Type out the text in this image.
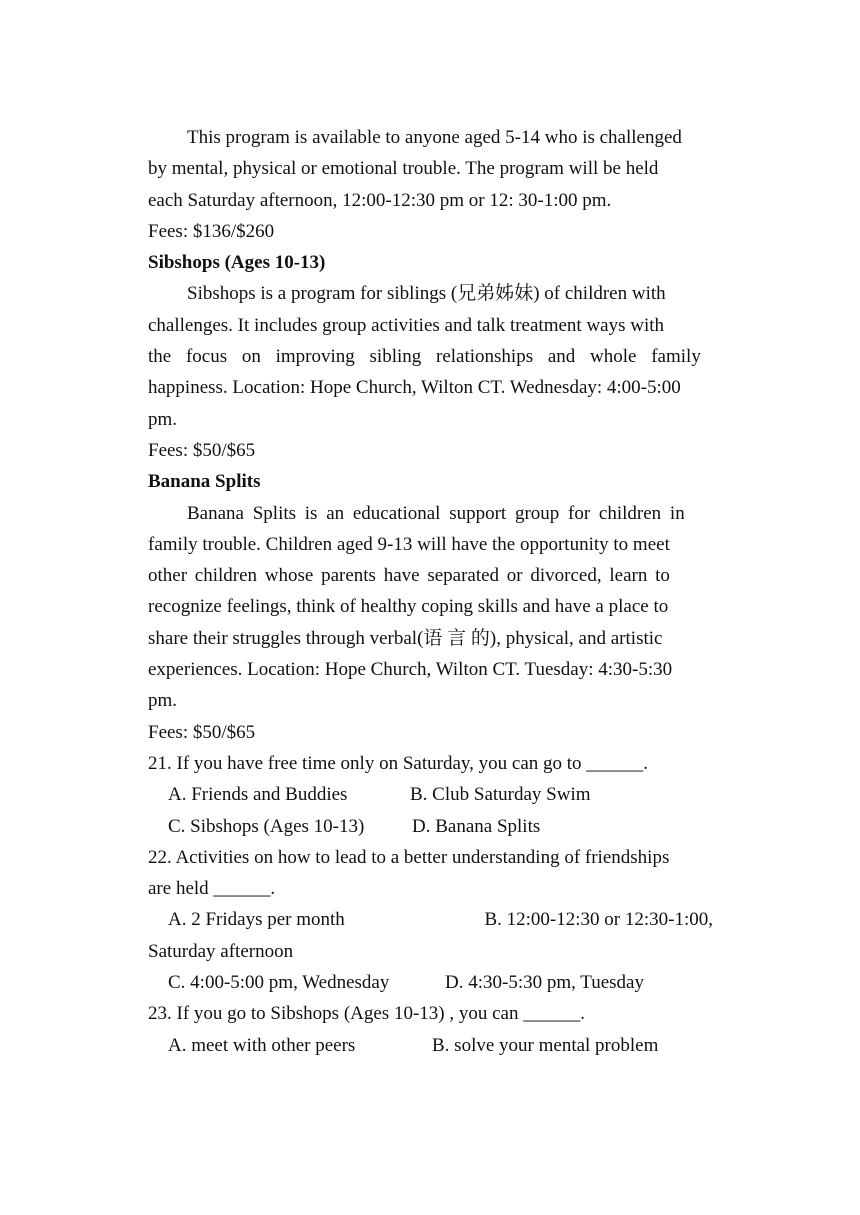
This program is available to anyone aged 5-14 who is challenged

by mental, physical or emotional trouble. The program will be held

each Saturday afternoon, 12:00-12:30 pm or 12: 30-1:00 pm.

Fees: $136/$260

Sibshops (Ages 10-13)

Sibshops is a program for siblings (兄弟姊妹) of children with

challenges. It includes group activities and talk treatment ways with

the focus on improving sibling relationships and whole family

happiness. Location: Hope Church, Wilton CT. Wednesday: 4:00-5:00

pm.

Fees: $50/$65

Banana Splits

Banana Splits is an educational support group for children in

family trouble. Children aged 9-13 will have the opportunity to meet

other children whose parents have separated or divorced, learn to

recognize feelings, think of healthy coping skills and have a place to

share their struggles through verbal(语 言 的), physical, and artistic

experiences. Location: Hope Church, Wilton CT. Tuesday: 4:30-5:30

pm.

Fees: $50/$65

21. If you have free time only on Saturday, you can go to ______.

A. Friends and Buddies	B. Club Saturday Swim
C. Sibshops (Ages 10-13)	D. Banana Splits

22. Activities on how to lead to a better understanding of friendships

are held ______.

A. 2 Fridays per month	B. 12:00-12:30 or 12:30-1:00,

Saturday afternoon

C. 4:00-5:00 pm, Wednesday	D. 4:30-5:30 pm, Tuesday

23. If you go to Sibshops (Ages 10-13) , you can ______.

A. meet with other peers	B. solve your mental problem
